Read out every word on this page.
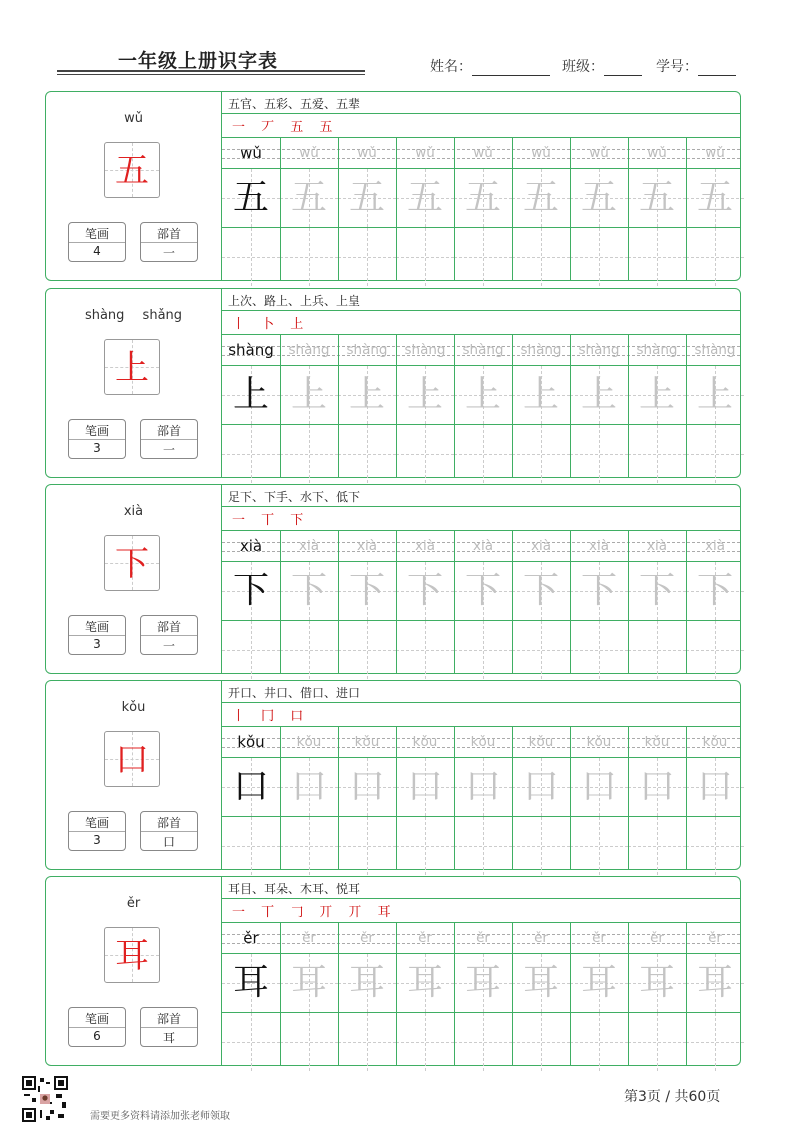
一年级上册识字表	姓名：	班级：	学号：
wǔ
五
笔画
4
部首
一
五官、五彩、五爱、五辈
一 丆 五 五
wǔ	wǔ	wǔ	wǔ	wǔ	wǔ	wǔ	wǔ	wǔ
五 五 五 五 五 五 五 五 五
shàng shǎng
上
笔画
3
部首
一
上次、路上、上兵、上皇
丨 卜 上
shàng	shàng	shàng	shàng	shàng	shàng	shàng	shàng	shàng
上 上 上 上 上 上 上 上 上
xià
下
笔画
3
部首
一
足下、下手、水下、低下
一 丅 下
xià	xià	xià	xià	xià	xià	xià	xià	xià
下 下 下 下 下 下 下 下 下
kǒu
口
笔画
3
部首
口
开口、井口、借口、进口
丨 冂 口
kǒu	kǒu	kǒu	kǒu	kǒu	kǒu	kǒu	kǒu	kǒu
口 口 口 口 口 口 口 口 口
ěr
耳
笔画
6
部首
耳
耳目、耳朵、木耳、悦耳
一 丅 𠃌 丌 丌 耳
ěr	ěr	ěr	ěr	ěr	ěr	ěr	ěr	ěr
耳 耳 耳 耳 耳 耳 耳 耳 耳
需要更多资料请添加张老师领取
第3页 / 共60页
